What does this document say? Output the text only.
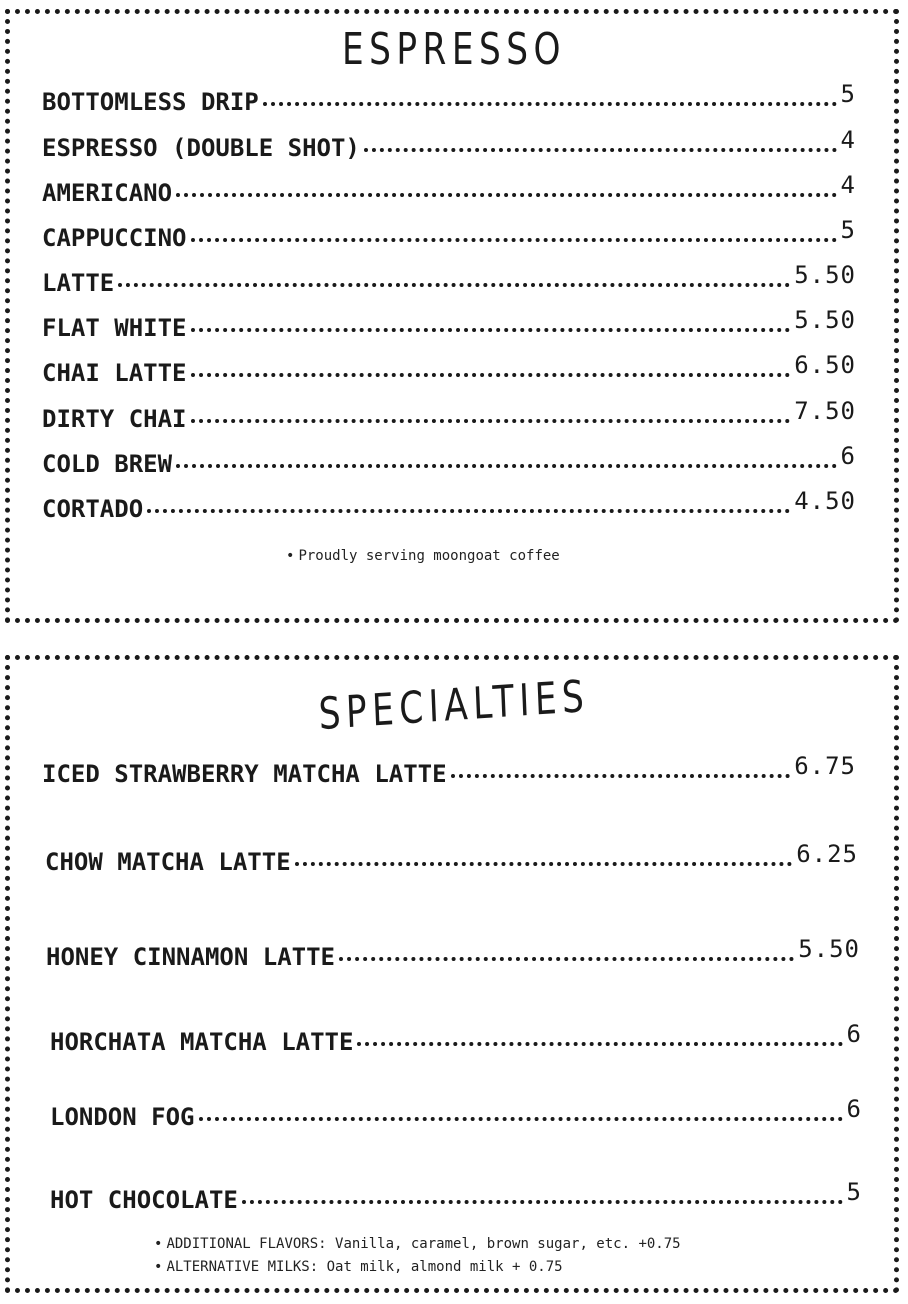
ESPRESSO
SPECIALTIES
BOTTOMLESS DRIP	5
ESPRESSO (DOUBLE SHOT)	4
AMERICANO	4
CAPPUCCINO	5
LATTE	5.50
FLAT WHITE	5.50
CHAI LATTE	6.50
DIRTY CHAI	7.50
COLD BREW	6
CORTADO	4.50
• Proudly serving moongoat coffee
ICED STRAWBERRY MATCHA LATTE	6.75
CHOW MATCHA LATTE	6.25
HONEY CINNAMON LATTE	5.50
HORCHATA MATCHA LATTE	6
LONDON FOG	6
HOT CHOCOLATE	5
• ADDITIONAL FLAVORS: Vanilla, caramel, brown sugar, etc. +0.75
• ALTERNATIVE MILKS: Oat milk, almond milk + 0.75
